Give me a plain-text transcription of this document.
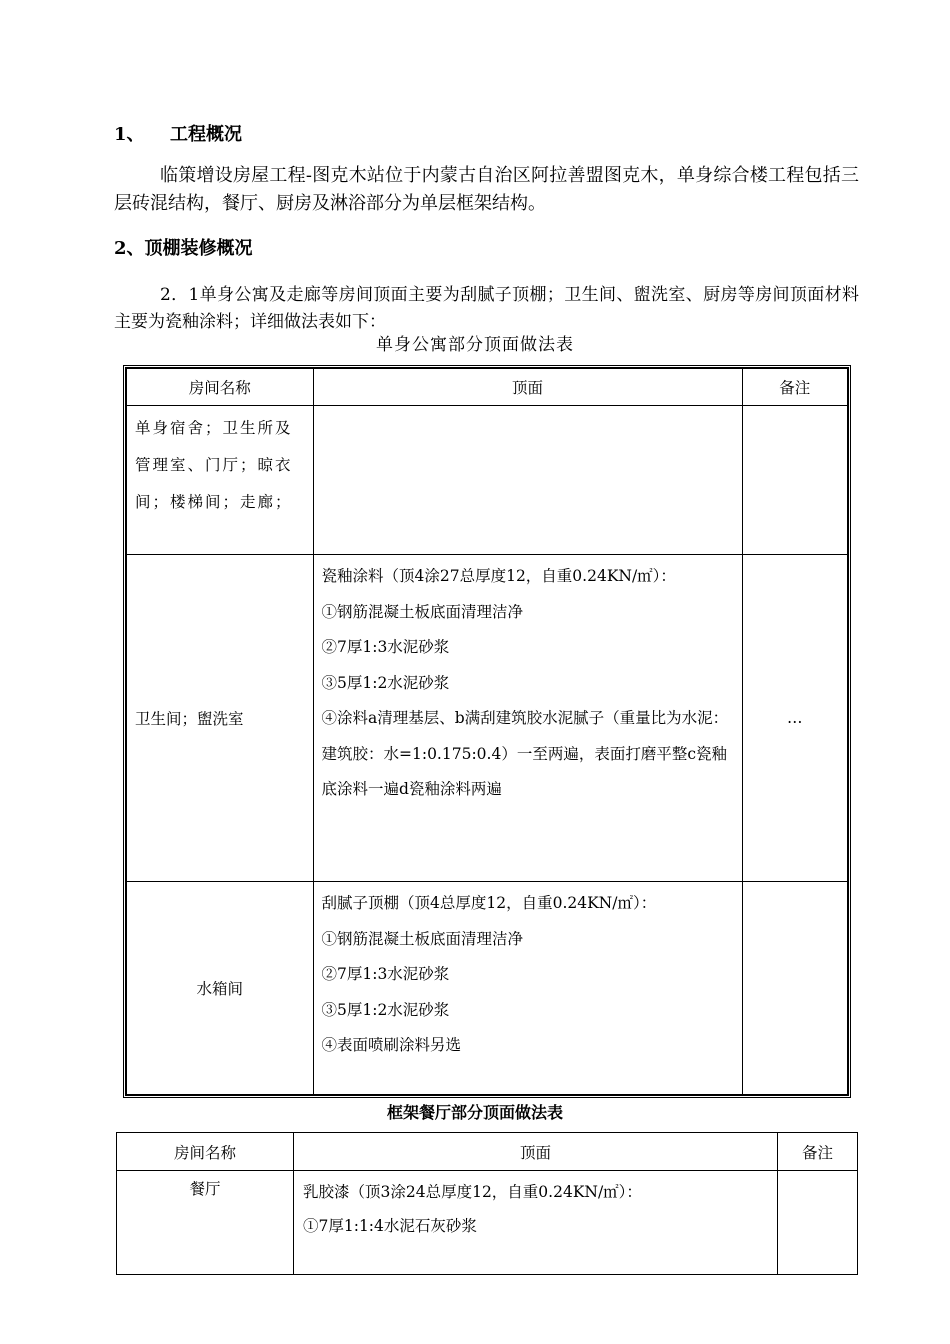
1、 工程概况
临策增设房屋工程-图克木站位于内蒙古自治区阿拉善盟图克木，单身综合楼工程包括三层砖混结构，餐厅、厨房及淋浴部分为单层框架结构。
2、顶棚装修概况
2．1单身公寓及走廊等房间顶面主要为刮腻子顶棚；卫生间、盥洗室、厨房等房间顶面材料主要为瓷釉涂料；详细做法表如下：
单身公寓部分顶面做法表
房间名称	顶面	备注
单身宿舍；卫生所及管理室、门厅；晾衣间；楼梯间；走廊；		
卫生间；盥洗室	瓷釉涂料（顶4涂27总厚度12，自重0.24KN/㎡）：
①钢筋混凝土板底面清理洁净
②7厚1:3水泥砂浆
③5厚1:2水泥砂浆
④涂料a清理基层、b满刮建筑胶水泥腻子（重量比为水泥：建筑胶：水=1:0.175:0.4）一至两遍，表面打磨平整c瓷釉底涂料一遍d瓷釉涂料两遍	…
水箱间	刮腻子顶棚（顶4总厚度12，自重0.24KN/㎡）：
①钢筋混凝土板底面清理洁净
②7厚1:3水泥砂浆
③5厚1:2水泥砂浆
④表面喷刷涂料另选	

框架餐厅部分顶面做法表
房间名称	顶面	备注
餐厅	乳胶漆（顶3涂24总厚度12，自重0.24KN/㎡）：
①7厚1:1:4水泥石灰砂浆	
